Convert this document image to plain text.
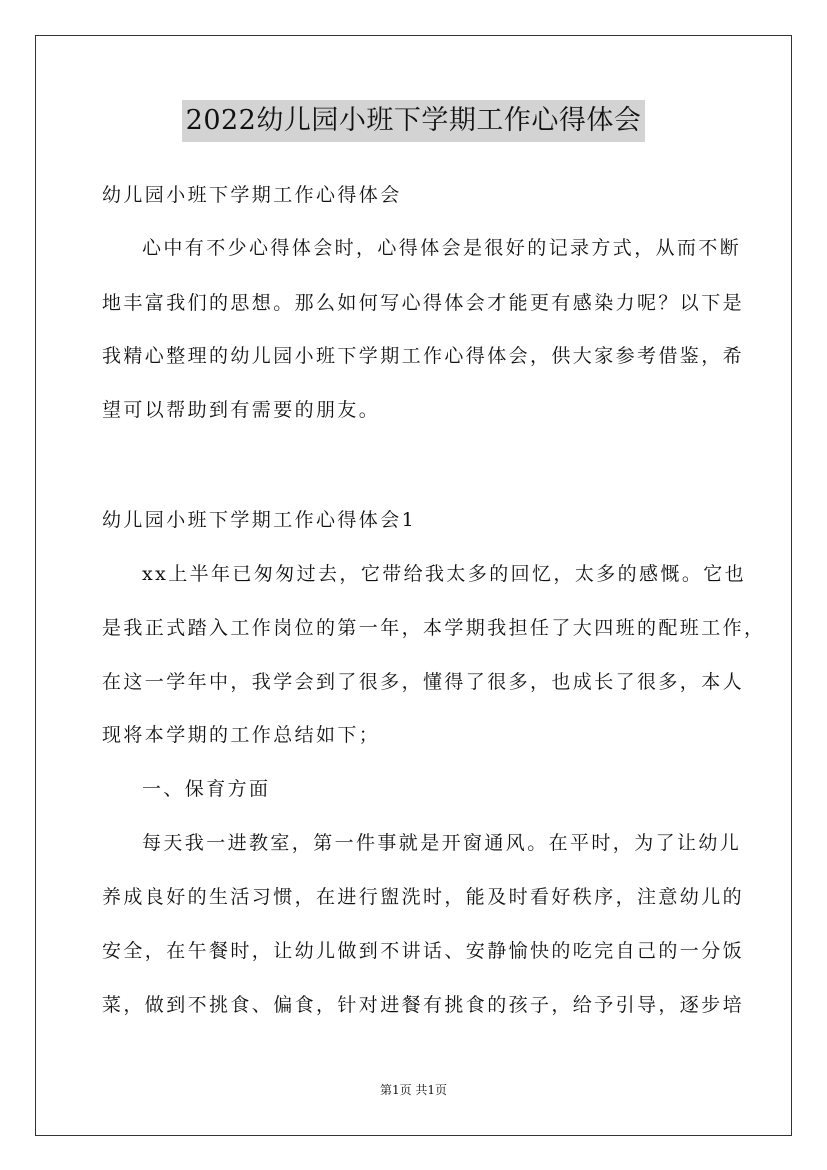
2022幼儿园小班下学期工作心得体会
幼儿园小班下学期工作心得体会
心中有不少心得体会时，心得体会是很好的记录方式，从而不断
地丰富我们的思想。那么如何写心得体会才能更有感染力呢？以下是
我精心整理的幼儿园小班下学期工作心得体会，供大家参考借鉴，希
望可以帮助到有需要的朋友。
幼儿园小班下学期工作心得体会1
xx上半年已匆匆过去，它带给我太多的回忆，太多的感慨。它也
是我正式踏入工作岗位的第一年，本学期我担任了大四班的配班工作，
在这一学年中，我学会到了很多，懂得了很多，也成长了很多，本人
现将本学期的工作总结如下；
一、保育方面
每天我一进教室，第一件事就是开窗通风。在平时，为了让幼儿
养成良好的生活习惯，在进行盥洗时，能及时看好秩序，注意幼儿的
安全，在午餐时，让幼儿做到不讲话、安静愉快的吃完自己的一分饭
菜，做到不挑食、偏食，针对进餐有挑食的孩子，给予引导，逐步培
第1页 共1页
